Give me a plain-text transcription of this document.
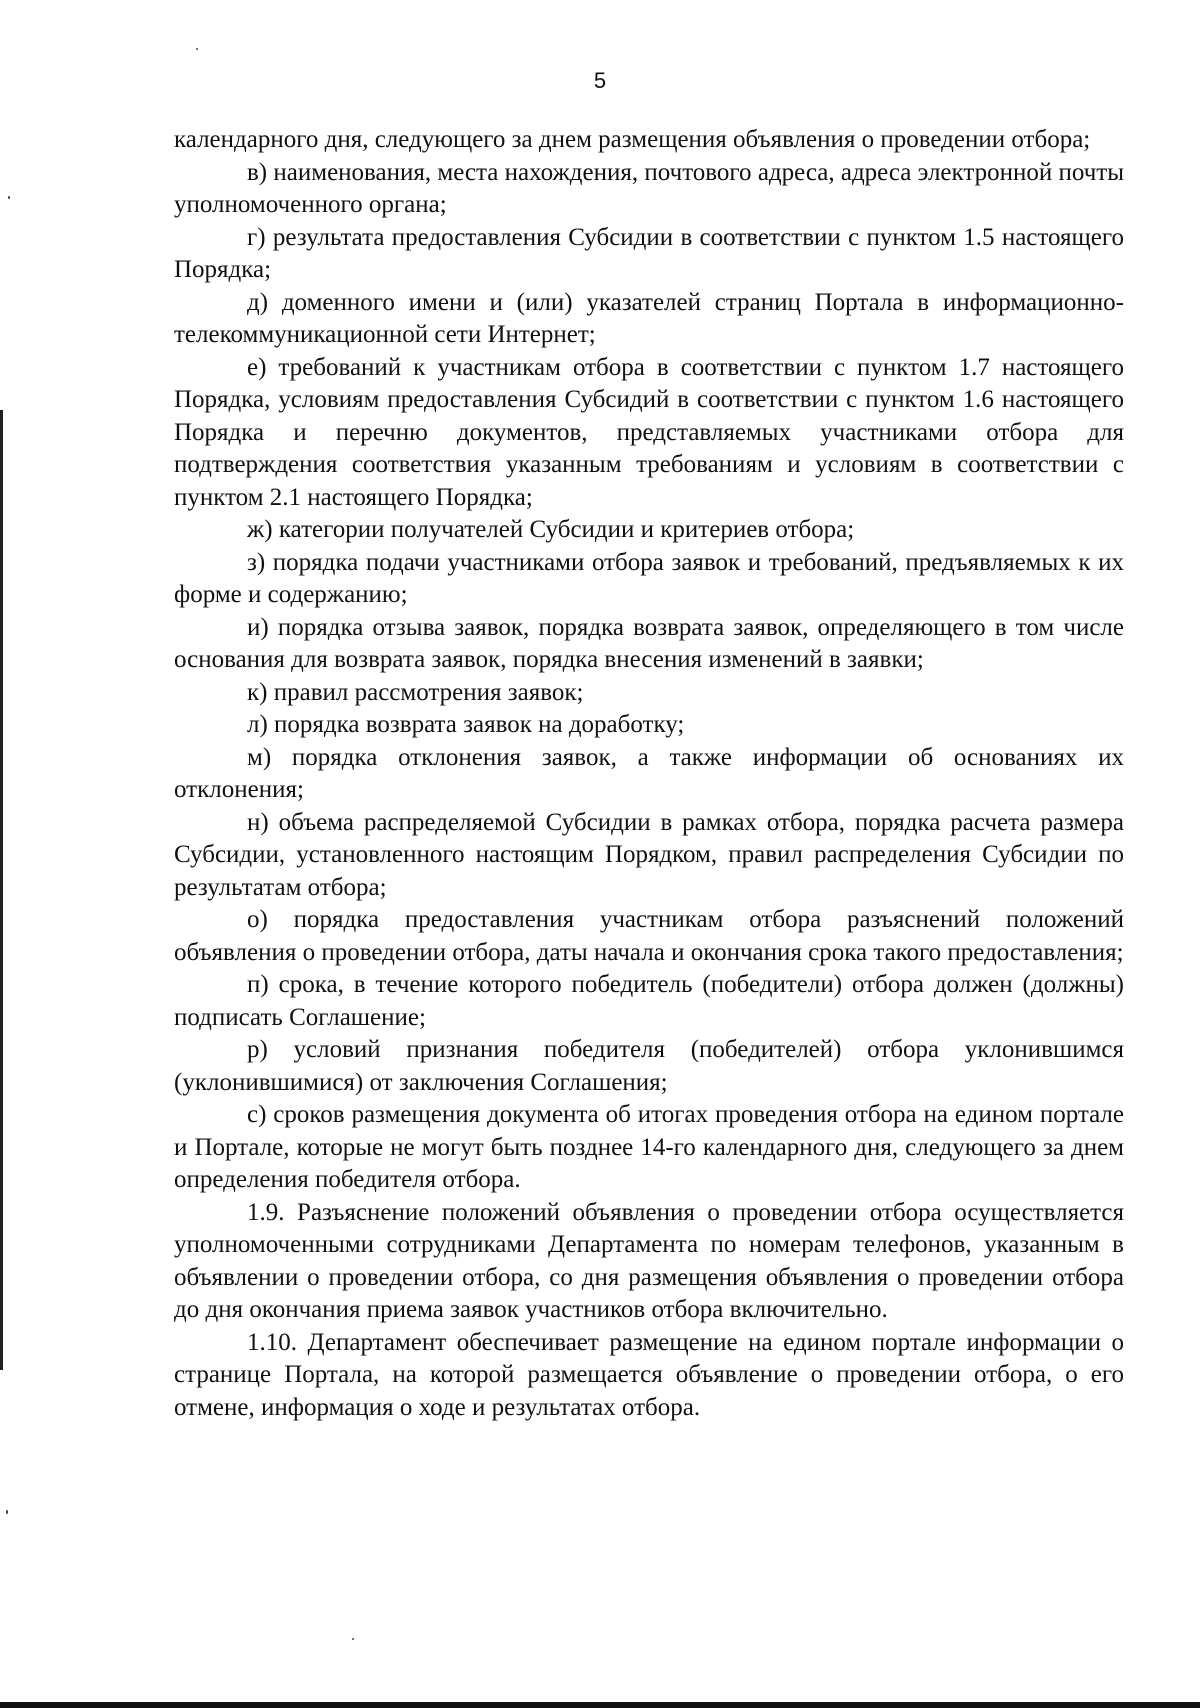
5

календарного дня, следующего за днем размещения объявления о проведении отбора;

в) наименования, места нахождения, почтового адреса, адреса электронной почты уполномоченного органа;

г) результата предоставления Субсидии в соответствии с пунктом 1.5 настоящего Порядка;

д) доменного имени и (или) указателей страниц Портала в информационно-телекоммуникационной сети Интернет;

е) требований к участникам отбора в соответствии с пунктом 1.7 настоящего Порядка, условиям предоставления Субсидий в соответствии с пунктом 1.6 настоящего Порядка и перечню документов, представляемых участниками отбора для подтверждения соответствия указанным требованиям и условиям в соответствии с пунктом 2.1 настоящего Порядка;

ж) категории получателей Субсидии и критериев отбора;

з) порядка подачи участниками отбора заявок и требований, предъявляемых к их форме и содержанию;

и) порядка отзыва заявок, порядка возврата заявок, определяющего в том числе основания для возврата заявок, порядка внесения изменений в заявки;

к) правил рассмотрения заявок;

л) порядка возврата заявок на доработку;

м) порядка отклонения заявок, а также информации об основаниях их отклонения;

н) объема распределяемой Субсидии в рамках отбора, порядка расчета размера Субсидии, установленного настоящим Порядком, правил распределения Субсидии по результатам отбора;

о) порядка предоставления участникам отбора разъяснений положений объявления о проведении отбора, даты начала и окончания срока такого предоставления;

п) срока, в течение которого победитель (победители) отбора должен (должны) подписать Соглашение;

р) условий признания победителя (победителей) отбора уклонившимся (уклонившимися) от заключения Соглашения;

с) сроков размещения документа об итогах проведения отбора на едином портале и Портале, которые не могут быть позднее 14-го календарного дня, следующего за днем определения победителя отбора.

1.9. Разъяснение положений объявления о проведении отбора осуществляется уполномоченными сотрудниками Департамента по номерам телефонов, указанным в объявлении о проведении отбора, со дня размещения объявления о проведении отбора до дня окончания приема заявок участников отбора включительно.

1.10. Департамент обеспечивает размещение на едином портале информации о странице Портала, на которой размещается объявление о проведении отбора, о его отмене, информация о ходе и результатах отбора.
